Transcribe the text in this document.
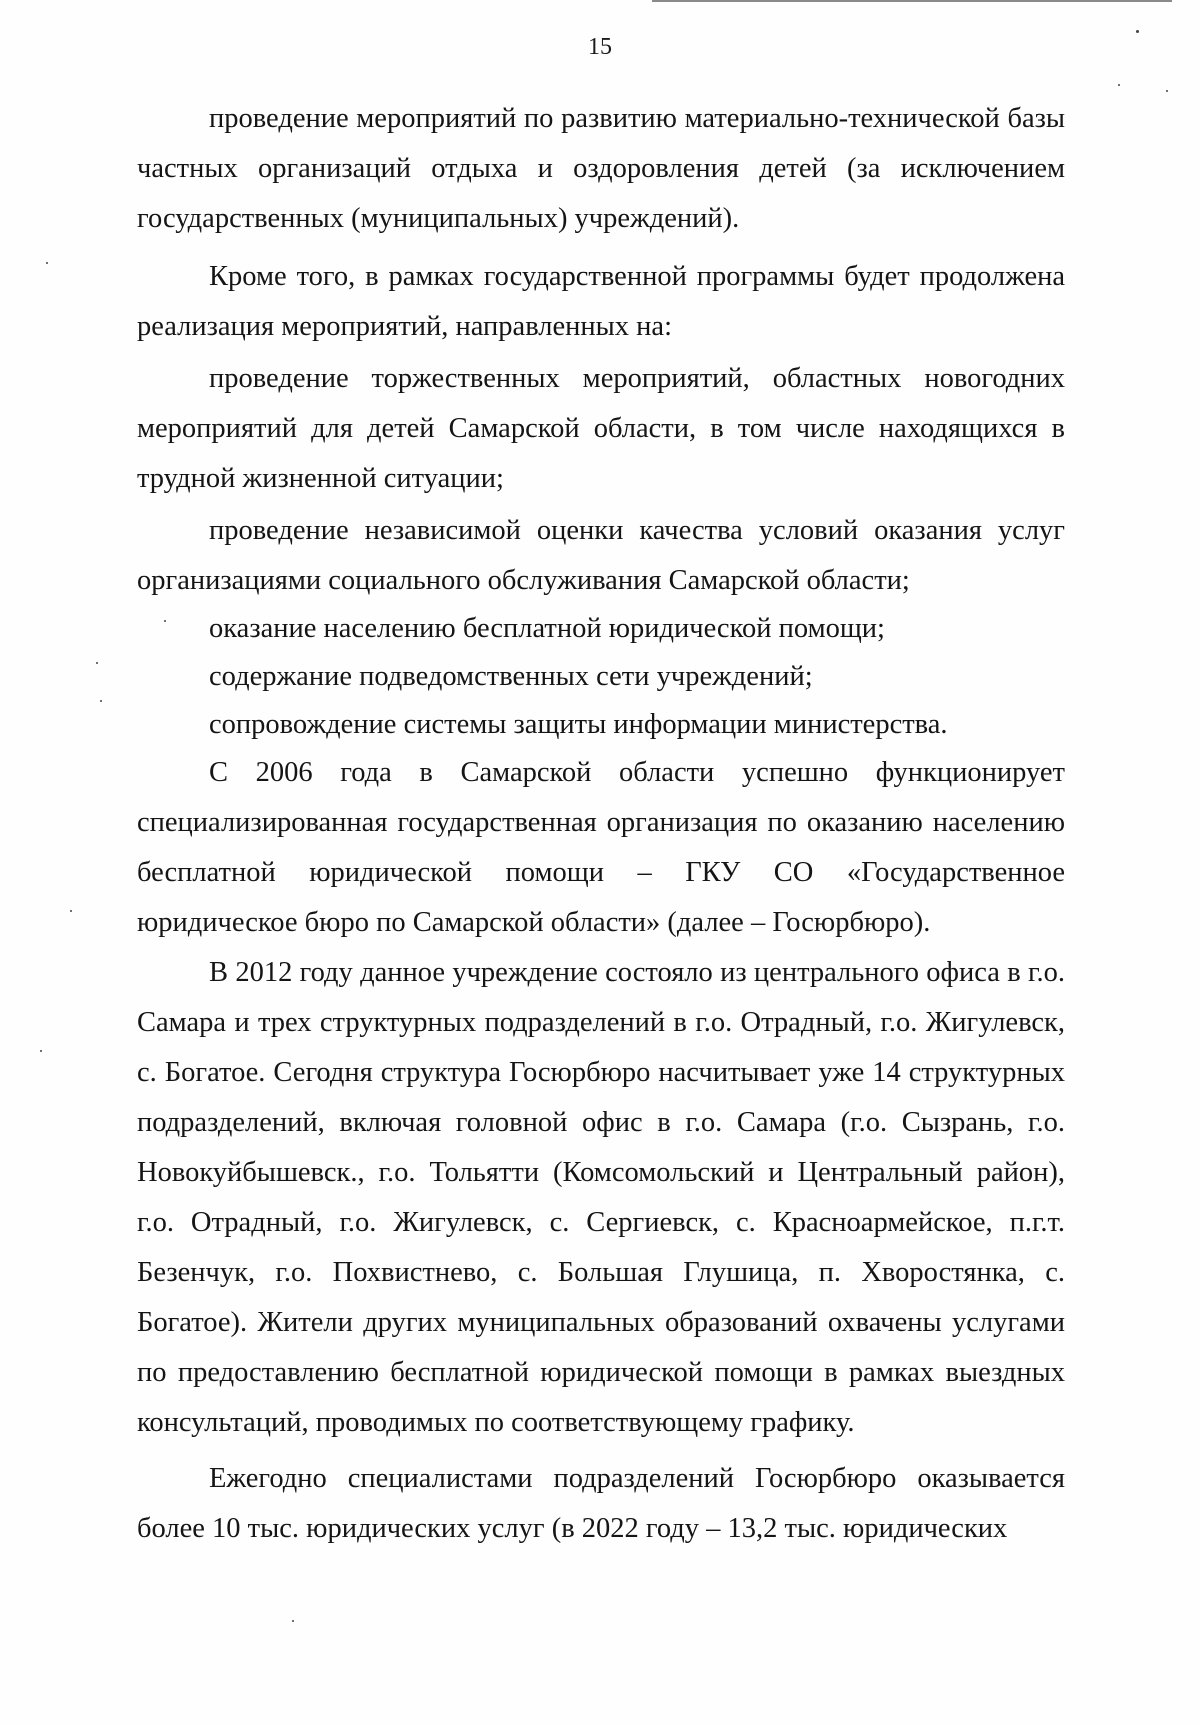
15

проведение мероприятий по развитию материально-технической базы частных организаций отдыха и оздоровления детей (за исключением государственных (муниципальных) учреждений).

Кроме того, в рамках государственной программы будет продолжена реализация мероприятий, направленных на:

проведение торжественных мероприятий, областных новогодних мероприятий для детей Самарской области, в том числе находящихся в трудной жизненной ситуации;

проведение независимой оценки качества условий оказания услуг организациями социального обслуживания Самарской области;

оказание населению бесплатной юридической помощи;

содержание подведомственных сети учреждений;

сопровождение системы защиты информации министерства.

С 2006 года в Самарской области успешно функционирует специализированная государственная организация по оказанию населению бесплатной юридической помощи – ГКУ СО «Государственное юридическое бюро по Самарской области» (далее – Госюрбюро).

В 2012 году данное учреждение состояло из центрального офиса в г.о. Самара и трех структурных подразделений в г.о. Отрадный, г.о. Жигулевск, с. Богатое. Сегодня структура Госюрбюро насчитывает уже 14 структурных подразделений, включая головной офис в г.о. Самара (г.о. Сызрань, г.о. Новокуйбышевск., г.о. Тольятти (Комсомольский и Центральный район), г.о. Отрадный, г.о. Жигулевск, с. Сергиевск, с. Красноармейское, п.г.т. Безенчук, г.о. Похвистнево, с. Большая Глушица, п. Хворостянка, с. Богатое). Жители других муниципальных образований охвачены услугами по предоставлению бесплатной юридической помощи в рамках выездных консультаций, проводимых по соответствующему графику.

Ежегодно специалистами подразделений Госюрбюро оказывается более 10 тыс. юридических услуг (в 2022 году – 13,2 тыс. юридических
